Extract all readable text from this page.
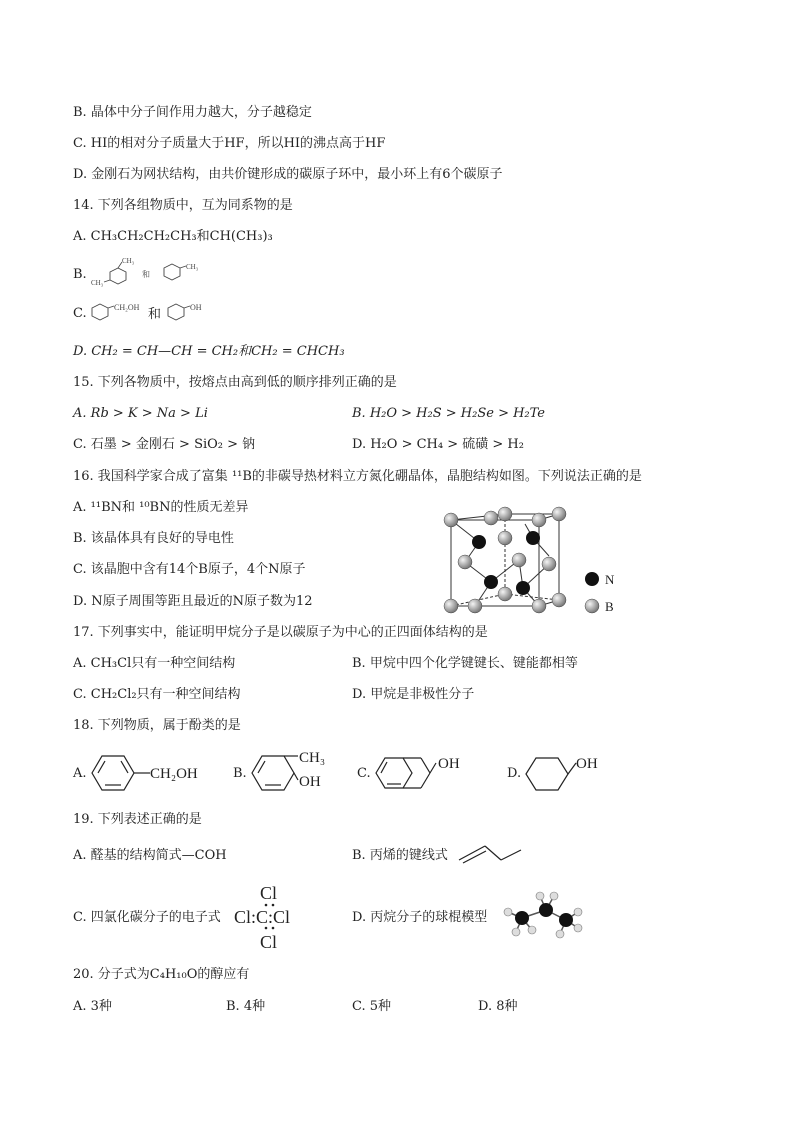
B. 晶体中分子间作用力越大，分子越稳定
C. HI的相对分子质量大于HF，所以HI的沸点高于HF
D. 金刚石为网状结构，由共价键形成的碳原子环中，最小环上有6个碳原子
14. 下列各组物质中，互为同系物的是
A. CH₃CH₂CH₂CH₃和CH(CH₃)₃
B.
CH₃
CH₃
和
CH₃
C.	CH₂OH 和	OH
D. CH₂ = CH—CH = CH₂和CH₂ = CHCH₃
15. 下列各物质中，按熔点由高到低的顺序排列正确的是
A. Rb > K > Na > Li	B. H₂O > H₂S > H₂Se > H₂Te
C. 石墨 > 金刚石 > SiO₂ > 钠	D. H₂O > CH₄ > 硫磺 > H₂
16. 我国科学家合成了富集 ¹¹B的非碳导热材料立方氮化硼晶体，晶胞结构如图。下列说法正确的是
A. ¹¹BN和 ¹⁰BN的性质无差异
B. 该晶体具有良好的导电性
C. 该晶胞中含有14个B原子，4个N原子
D. N原子周围等距且最近的N原子数为12
N
B
17. 下列事实中，能证明甲烷分子是以碳原子为中心的正四面体结构的是
A. CH₃Cl只有一种空间结构	B. 甲烷中四个化学键键长、键能都相等
C. CH₂Cl₂只有一种空间结构	D. 甲烷是非极性分子
18. 下列物质，属于酚类的是
A.	B.	C.	D.
CH₂OH
CH₃
OH
OH	OH
19. 下列表述正确的是
A. 醛基的结构简式—COH	B. 丙烯的键线式
C. 四氯化碳分子的电子式
Cl
Cl:C:Cl
Cl
D. 丙烷分子的球棍模型
20. 分子式为C₄H₁₀O的醇应有
A. 3种	B. 4种	C. 5种	D. 8种
